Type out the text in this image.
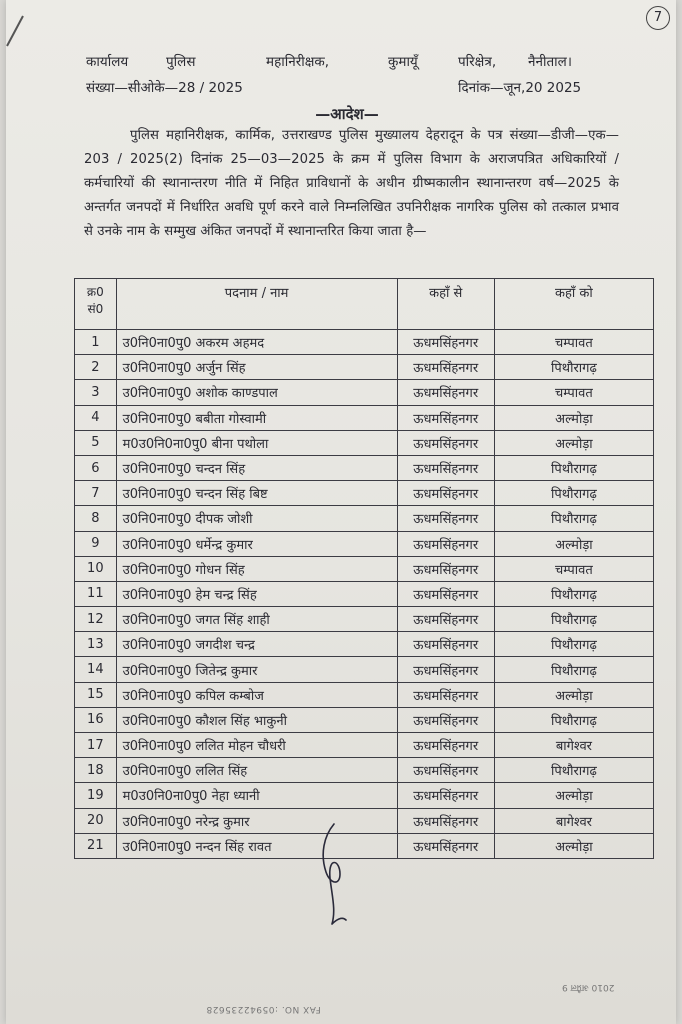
7
कार्यालय	पुलिस	महानिरीक्षक,	कुमायूँ	परिक्षेत्र, नैनीताल।
संख्या—सीओके—28 / 2025	दिनांक—जून,20 2025
—आदेश—
पुलिस महानिरीक्षक, कार्मिक, उत्तराखण्ड पुलिस मुख्यालय देहरादून के पत्र संख्या—डीजी—एक—203 / 2025(2) दिनांक 25—03—2025 के क्रम में पुलिस विभाग के अराजपत्रित अधिकारियों / कर्मचारियों की स्थानान्तरण नीति में निहित प्राविधानों के अधीन ग्रीष्मकालीन स्थानान्तरण वर्ष—2025 के अन्तर्गत जनपदों में निर्धारित अवधि पूर्ण करने वाले निम्नलिखित उपनिरीक्षक नागरिक पुलिस को तत्काल प्रभाव से उनके नाम के सम्मुख अंकित जनपदों में स्थानान्तरित किया जाता है—
क्र0 सं0	पदनाम / नाम	कहाँ से	कहाँ को
1	उ0नि0ना0पु0 अकरम अहमद	ऊधमसिंहनगर	चम्पावत
2	उ0नि0ना0पु0 अर्जुन सिंह	ऊधमसिंहनगर	पिथौरागढ़
3	उ0नि0ना0पु0 अशोक काण्डपाल	ऊधमसिंहनगर	चम्पावत
4	उ0नि0ना0पु0 बबीता गोस्वामी	ऊधमसिंहनगर	अल्मोड़ा
5	म0उ0नि0ना0पु0 बीना पथोला	ऊधमसिंहनगर	अल्मोड़ा
6	उ0नि0ना0पु0 चन्दन सिंह	ऊधमसिंहनगर	पिथौरागढ़
7	उ0नि0ना0पु0 चन्दन सिंह बिष्ट	ऊधमसिंहनगर	पिथौरागढ़
8	उ0नि0ना0पु0 दीपक जोशी	ऊधमसिंहनगर	पिथौरागढ़
9	उ0नि0ना0पु0 धर्मेन्द्र कुमार	ऊधमसिंहनगर	अल्मोड़ा
10	उ0नि0ना0पु0 गोधन सिंह	ऊधमसिंहनगर	चम्पावत
11	उ0नि0ना0पु0 हेम चन्द्र सिंह	ऊधमसिंहनगर	पिथौरागढ़
12	उ0नि0ना0पु0 जगत सिंह शाही	ऊधमसिंहनगर	पिथौरागढ़
13	उ0नि0ना0पु0 जगदीश चन्द्र	ऊधमसिंहनगर	पिथौरागढ़
14	उ0नि0ना0पु0 जितेन्द्र कुमार	ऊधमसिंहनगर	पिथौरागढ़
15	उ0नि0ना0पु0 कपिल कम्बोज	ऊधमसिंहनगर	अल्मोड़ा
16	उ0नि0ना0पु0 कौशल सिंह भाकुनी	ऊधमसिंहनगर	पिथौरागढ़
17	उ0नि0ना0पु0 ललित मोहन चौधरी	ऊधमसिंहनगर	बागेश्वर
18	उ0नि0ना0पु0 ललित सिंह	ऊधमसिंहनगर	पिथौरागढ़
19	म0उ0नि0ना0पु0 नेहा ध्यानी	ऊधमसिंहनगर	अल्मोड़ा
20	उ0नि0ना0पु0 नरेन्द्र कुमार	ऊधमसिंहनगर	बागेश्वर
21	उ0नि0ना0पु0 नन्दन सिंह रावत	ऊधमसिंहनगर	अल्मोड़ा
FAX NO. :05942235628
2010 अप्रैल 9
